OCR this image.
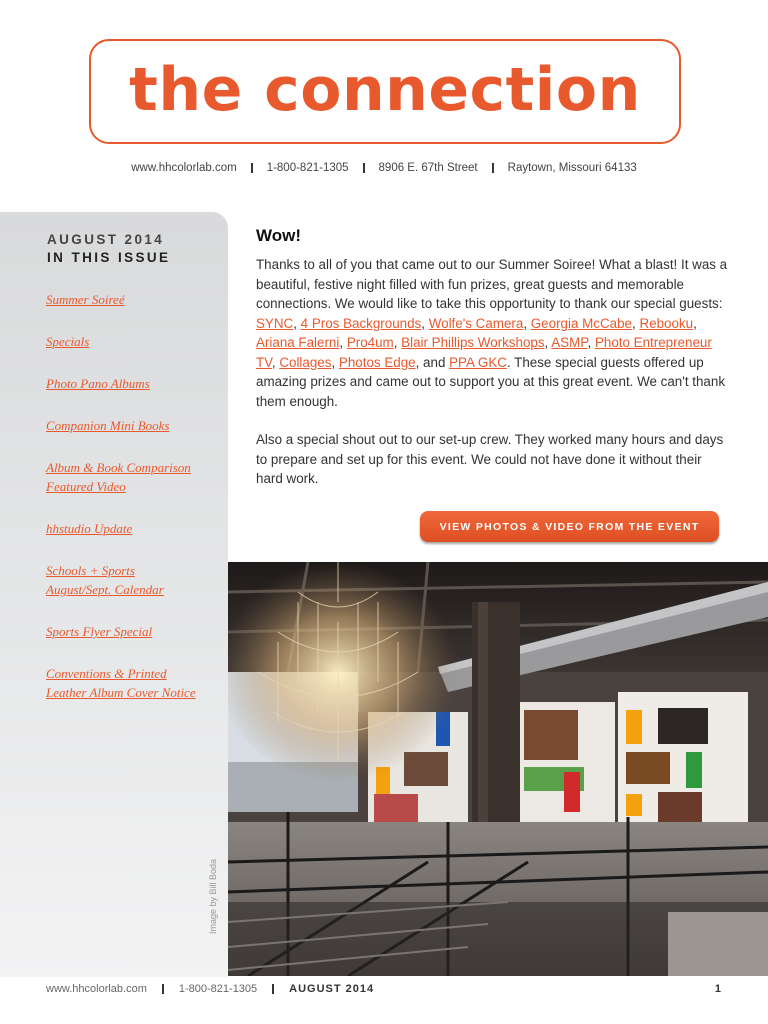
the connection
www.hhcolorlab.com	1-800-821-1305	8906 E. 67th Street	Raytown, Missouri 64133
AUGUST 2014
IN THIS ISSUE
Summer Soireé
Specials
Photo Pano Albums
Companion Mini Books
Album & Book Comparison
Featured Video
hhstudio Update
Schools + Sports
August/Sept. Calendar
Sports Flyer Special
Conventions & Printed
Leather Album Cover Notice
Wow!

Thanks to all of you that came out to our Summer Soiree! What a blast! It was a beautiful, festive night filled with fun prizes, great guests and memorable connections. We would like to take this opportunity to thank our special guests: SYNC, 4 Pros Backgrounds, Wolfe's Camera, Georgia McCabe, Rebooku, Ariana Falerni, Pro4um, Blair Phillips Workshops, ASMP, Photo Entrepreneur TV, Collages, Photos Edge, and PPA GKC. These special guests offered up amazing prizes and came out to support you at this great event. We can't thank them enough.

Also a special shout out to our set-up crew. They worked many hours and days to prepare and set up for this event. We could not have done it without their hard work.

VIEW PHOTOS & VIDEO FROM THE EVENT
Image by Bill Boda
www.hhcolorlab.com	1-800-821-1305	AUGUST 2014	1
